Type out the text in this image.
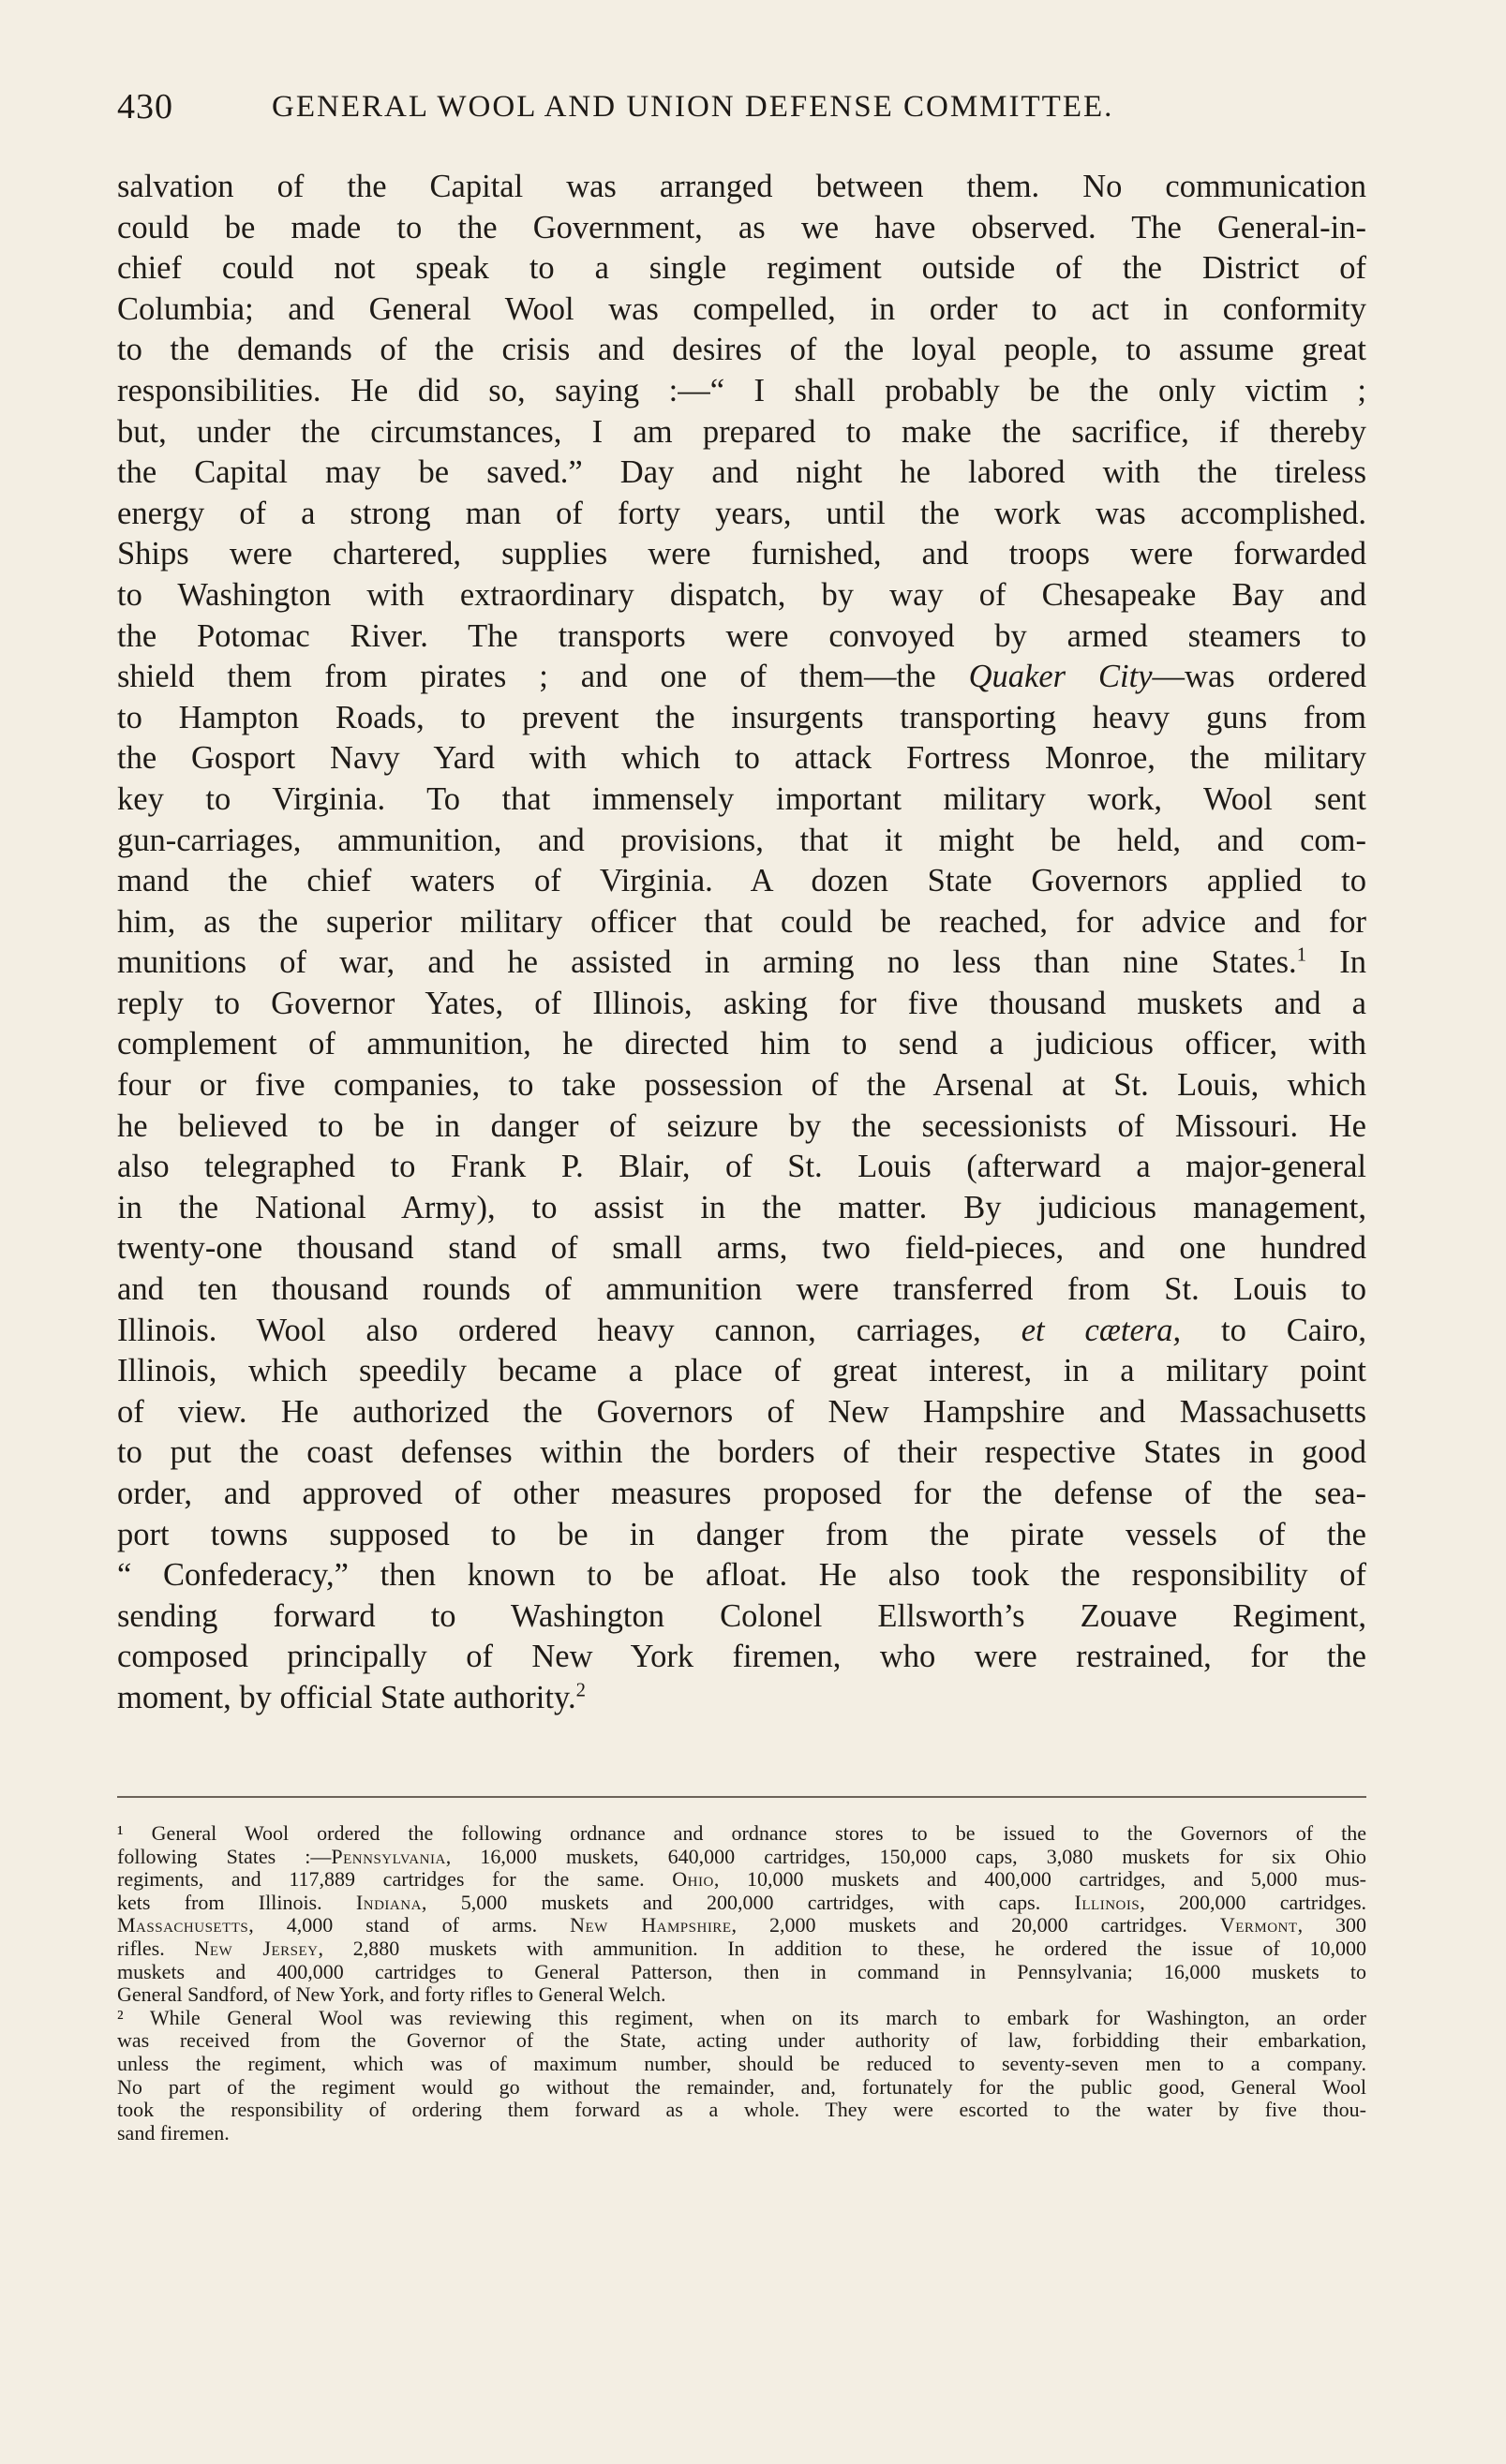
430	GENERAL WOOL AND UNION DEFENSE COMMITTEE.

salvation of the Capital was arranged between them. No communication
could be made to the Government, as we have observed. The General-in-
chief could not speak to a single regiment outside of the District of
Columbia; and General Wool was compelled, in order to act in conformity
to the demands of the crisis and desires of the loyal people, to assume great
responsibilities. He did so, saying :—“ I shall probably be the only victim ;
but, under the circumstances, I am prepared to make the sacrifice, if thereby
the Capital may be saved.” Day and night he labored with the tireless
energy of a strong man of forty years, until the work was accomplished.
Ships were chartered, supplies were furnished, and troops were forwarded
to Washington with extraordinary dispatch, by way of Chesapeake Bay and
the Potomac River. The transports were convoyed by armed steamers to
shield them from pirates ; and one of them—the Quaker City—was ordered
to Hampton Roads, to prevent the insurgents transporting heavy guns from
the Gosport Navy Yard with which to attack Fortress Monroe, the military
key to Virginia. To that immensely important military work, Wool sent
gun-carriages, ammunition, and provisions, that it might be held, and com-
mand the chief waters of Virginia. A dozen State Governors applied to
him, as the superior military officer that could be reached, for advice and for
munitions of war, and he assisted in arming no less than nine States.$^1$ In
reply to Governor Yates, of Illinois, asking for five thousand muskets and a
complement of ammunition, he directed him to send a judicious officer, with
four or five companies, to take possession of the Arsenal at St. Louis, which
he believed to be in danger of seizure by the secessionists of Missouri. He
also telegraphed to Frank P. Blair, of St. Louis (afterward a major-general
in the National Army), to assist in the matter. By judicious management,
twenty-one thousand stand of small arms, two field-pieces, and one hundred
and ten thousand rounds of ammunition were transferred from St. Louis to
Illinois. Wool also ordered heavy cannon, carriages, et cætera, to Cairo,
Illinois, which speedily became a place of great interest, in a military point
of view. He authorized the Governors of New Hampshire and Massachusetts
to put the coast defenses within the borders of their respective States in good
order, and approved of other measures proposed for the defense of the sea-
port towns supposed to be in danger from the pirate vessels of the
“ Confederacy,” then known to be afloat. He also took the responsibility of
sending forward to Washington Colonel Ellsworth’s Zouave Regiment,
composed principally of New York firemen, who were restrained, for the
moment, by official State authority.$^2$

¹ General Wool ordered the following ordnance and ordnance stores to be issued to the Governors of the
following States :—Pennsylvania, 16,000 muskets, 640,000 cartridges, 150,000 caps, 3,080 muskets for six Ohio
regiments, and 117,889 cartridges for the same. Ohio, 10,000 muskets and 400,000 cartridges, and 5,000 mus-
kets from Illinois. Indiana, 5,000 muskets and 200,000 cartridges, with caps. Illinois, 200,000 cartridges.
Massachusetts, 4,000 stand of arms. New Hampshire, 2,000 muskets and 20,000 cartridges. Vermont, 300
rifles. New Jersey, 2,880 muskets with ammunition. In addition to these, he ordered the issue of 10,000
muskets and 400,000 cartridges to General Patterson, then in command in Pennsylvania; 16,000 muskets to
General Sandford, of New York, and forty rifles to General Welch.

² While General Wool was reviewing this regiment, when on its march to embark for Washington, an order
was received from the Governor of the State, acting under authority of law, forbidding their embarkation,
unless the regiment, which was of maximum number, should be reduced to seventy-seven men to a company.
No part of the regiment would go without the remainder, and, fortunately for the public good, General Wool
took the responsibility of ordering them forward as a whole. They were escorted to the water by five thou-
sand firemen.
